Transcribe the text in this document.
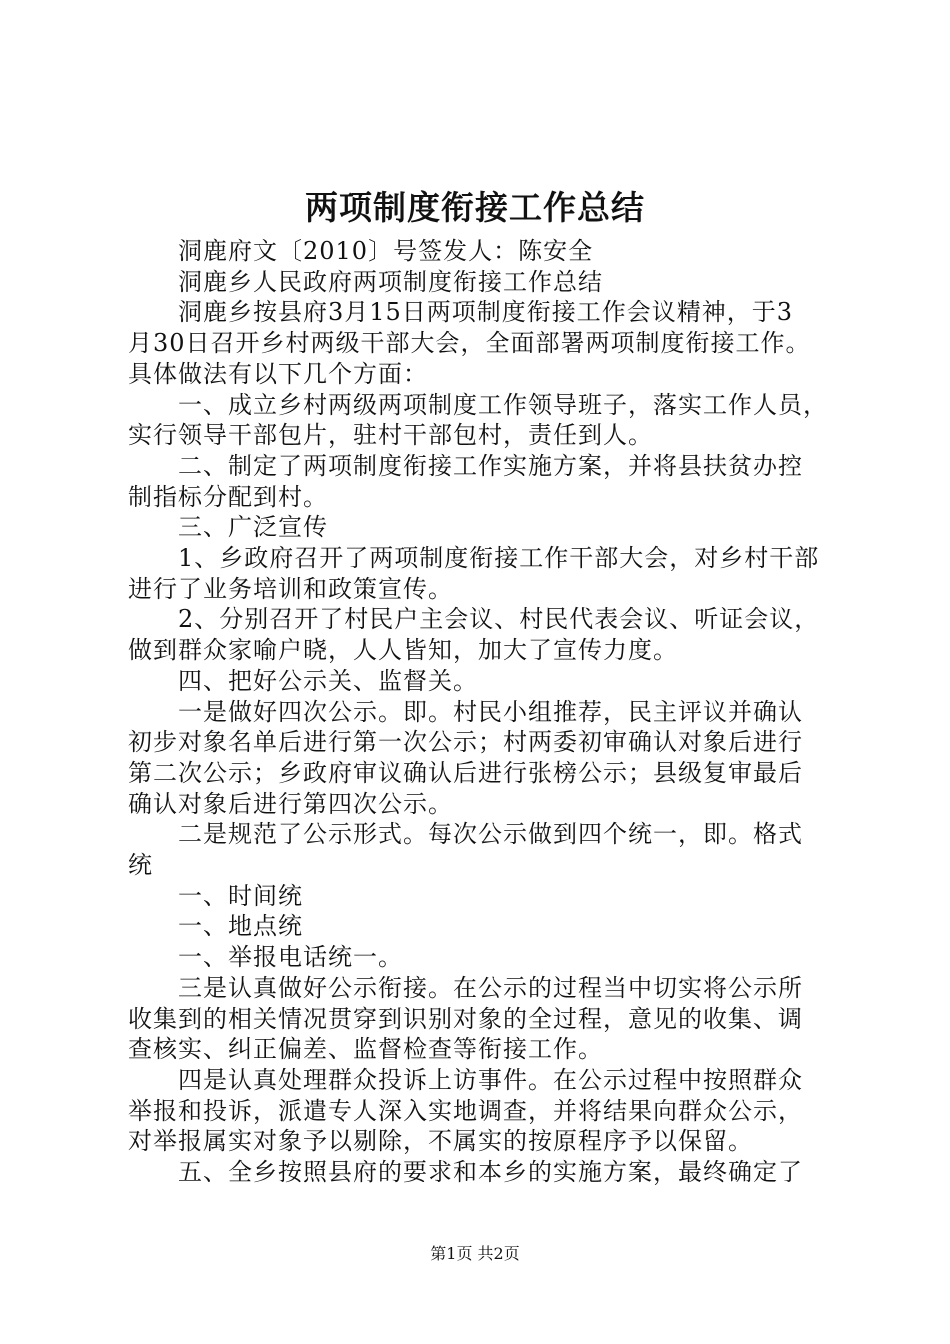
两项制度衔接工作总结

洞鹿府文〔2010〕号签发人：陈安全

洞鹿乡人民政府两项制度衔接工作总结

洞鹿乡按县府3月15日两项制度衔接工作会议精神，于3

月30日召开乡村两级干部大会，全面部署两项制度衔接工作。

具体做法有以下几个方面：

一、成立乡村两级两项制度工作领导班子，落实工作人员，

实行领导干部包片，驻村干部包村，责任到人。

二、制定了两项制度衔接工作实施方案，并将县扶贫办控

制指标分配到村。

三、广泛宣传

1、乡政府召开了两项制度衔接工作干部大会，对乡村干部

进行了业务培训和政策宣传。

2、分别召开了村民户主会议、村民代表会议、听证会议，

做到群众家喻户晓，人人皆知，加大了宣传力度。

四、把好公示关、监督关。

一是做好四次公示。即。村民小组推荐，民主评议并确认

初步对象名单后进行第一次公示；村两委初审确认对象后进行

第二次公示；乡政府审议确认后进行张榜公示；县级复审最后

确认对象后进行第四次公示。

二是规范了公示形式。每次公示做到四个统一，即。格式

统

一、时间统

一、地点统

一、举报电话统一。

三是认真做好公示衔接。在公示的过程当中切实将公示所

收集到的相关情况贯穿到识别对象的全过程，意见的收集、调

查核实、纠正偏差、监督检查等衔接工作。

四是认真处理群众投诉上访事件。在公示过程中按照群众

举报和投诉，派遣专人深入实地调查，并将结果向群众公示，

对举报属实对象予以剔除，不属实的按原程序予以保留。

五、全乡按照县府的要求和本乡的实施方案，最终确定了

第1页 共2页
